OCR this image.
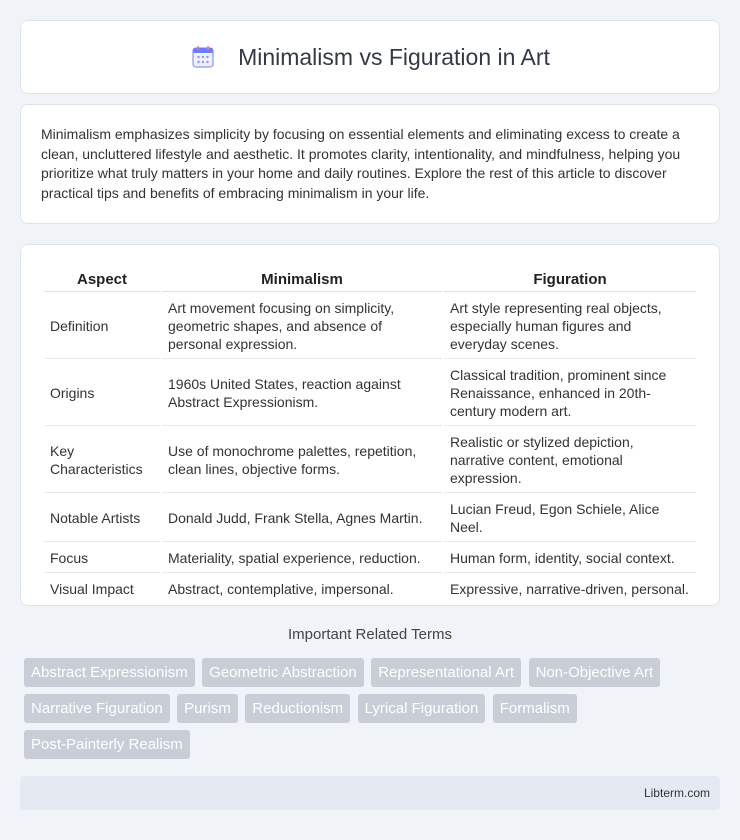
Minimalism vs Figuration in Art

Minimalism emphasizes simplicity by focusing on essential elements and eliminating excess to create a clean, uncluttered lifestyle and aesthetic. It promotes clarity, intentionality, and mindfulness, helping you prioritize what truly matters in your home and daily routines. Explore the rest of this article to discover practical tips and benefits of embracing minimalism in your life.

Aspect	Minimalism	Figuration
Definition	Art movement focusing on simplicity, geometric shapes, and absence of personal expression.	Art style representing real objects, especially human figures and everyday scenes.
Origins	1960s United States, reaction against Abstract Expressionism.	Classical tradition, prominent since Renaissance, enhanced in 20th-century modern art.
Key Characteristics	Use of monochrome palettes, repetition, clean lines, objective forms.	Realistic or stylized depiction, narrative content, emotional expression.
Notable Artists	Donald Judd, Frank Stella, Agnes Martin.	Lucian Freud, Egon Schiele, Alice Neel.
Focus	Materiality, spatial experience, reduction.	Human form, identity, social context.
Visual Impact	Abstract, contemplative, impersonal.	Expressive, narrative-driven, personal.
Important Related Terms
Abstract Expressionism Geometric Abstraction Representational Art Non-Objective Art Narrative Figuration Purism Reductionism Lyrical Figuration Formalism Post-Painterly Realism
Libterm.com
